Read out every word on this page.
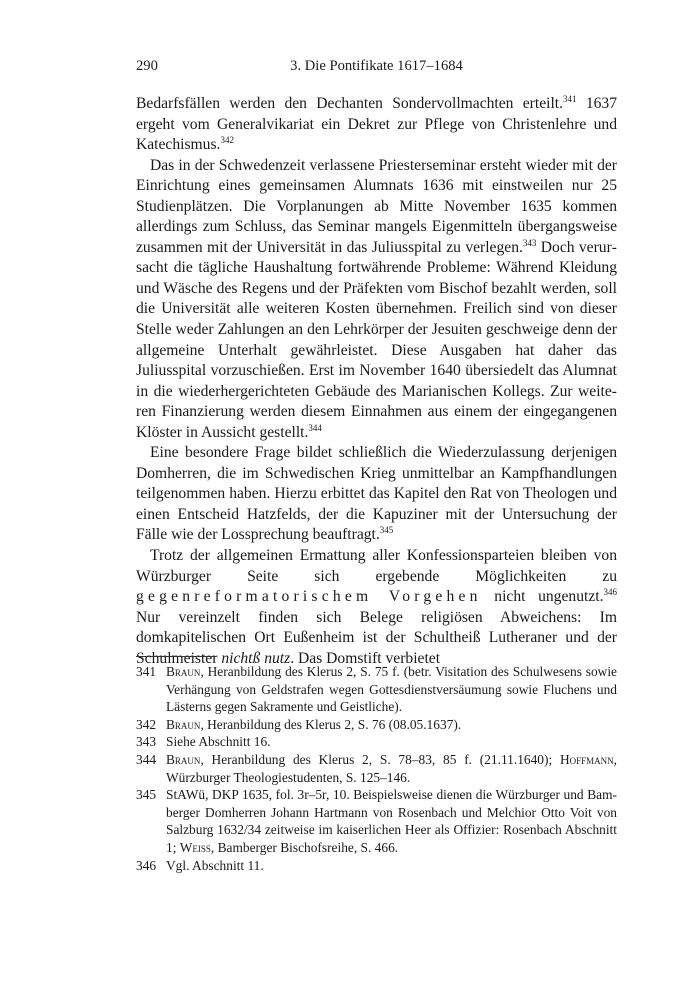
290	3. Die Pontifikate 1617–1684

Bedarfsfällen werden den Dechanten Sondervollmachten erteilt.$^{341}$ 1637 ergeht vom Generalvikariat ein Dekret zur Pflege von Christenlehre und Katechismus.$^{342}$

Das in der Schwedenzeit verlassene Priesterseminar ersteht wieder mit der Einrichtung eines gemeinsamen Alumnats 1636 mit einstweilen nur 25 Studienplätzen. Die Vorplanungen ab Mitte November 1635 kommen allerdings zum Schluss, das Seminar mangels Eigenmitteln übergangsweise zusammen mit der Universität in das Juliusspital zu verlegen.$^{343}$ Doch verursacht die tägliche Haushaltung fortwährende Probleme: Während Kleidung und Wäsche des Regens und der Präfekten vom Bischof bezahlt werden, soll die Universität alle weiteren Kosten übernehmen. Freilich sind von dieser Stelle weder Zahlungen an den Lehrkörper der Jesuiten geschweige denn der allgemeine Unterhalt gewährleistet. Diese Ausgaben hat daher das Juliusspital vorzuschießen. Erst im November 1640 übersiedelt das Alumnat in die wiederhergerichteten Gebäude des Marianischen Kollegs. Zur weiteren Finanzierung werden diesem Einnahmen aus einem der eingegangenen Klöster in Aussicht gestellt.$^{344}$

Eine besondere Frage bildet schließlich die Wiederzulassung derjenigen Domherren, die im Schwedischen Krieg unmittelbar an Kampfhandlungen teilgenommen haben. Hierzu erbittet das Kapitel den Rat von Theologen und einen Entscheid Hatzfelds, der die Kapuziner mit der Untersuchung der Fälle wie der Lossprechung beauftragt.$^{345}$

Trotz der allgemeinen Ermattung aller Konfessionsparteien bleiben von Würzburger Seite sich ergebende Möglichkeiten zu gegenreformatorischem Vorgehen nicht ungenutzt.$^{346}$ Nur vereinzelt finden sich Belege religiösen Abweichens: Im domkapitelischen Ort Eußenheim ist der Schultheiß Lutheraner und der Schulmeister nichtß nutz. Das Domstift verbietet

341 Braun, Heranbildung des Klerus 2, S. 75 f. (betr. Visitation des Schulwesens sowie Verhängung von Geldstrafen wegen Gottesdienstversäumung sowie Fluchens und Lästerns gegen Sakramente und Geistliche).
342 Braun, Heranbildung des Klerus 2, S. 76 (08.05.1637).
343 Siehe Abschnitt 16.
344 Braun, Heranbildung des Klerus 2, S. 78–83, 85 f. (21.11.1640); Hoffmann, Würzburger Theologiestudenten, S. 125–146.
345 StAWü, DKP 1635, fol. 3r–5r, 10. Beispielsweise dienen die Würzburger und Bamberger Domherren Johann Hartmann von Rosenbach und Melchior Otto Voit von Salzburg 1632/34 zeitweise im kaiserlichen Heer als Offizier: Rosenbach Abschnitt 1; Weiss, Bamberger Bischofsreihe, S. 466.
346 Vgl. Abschnitt 11.
